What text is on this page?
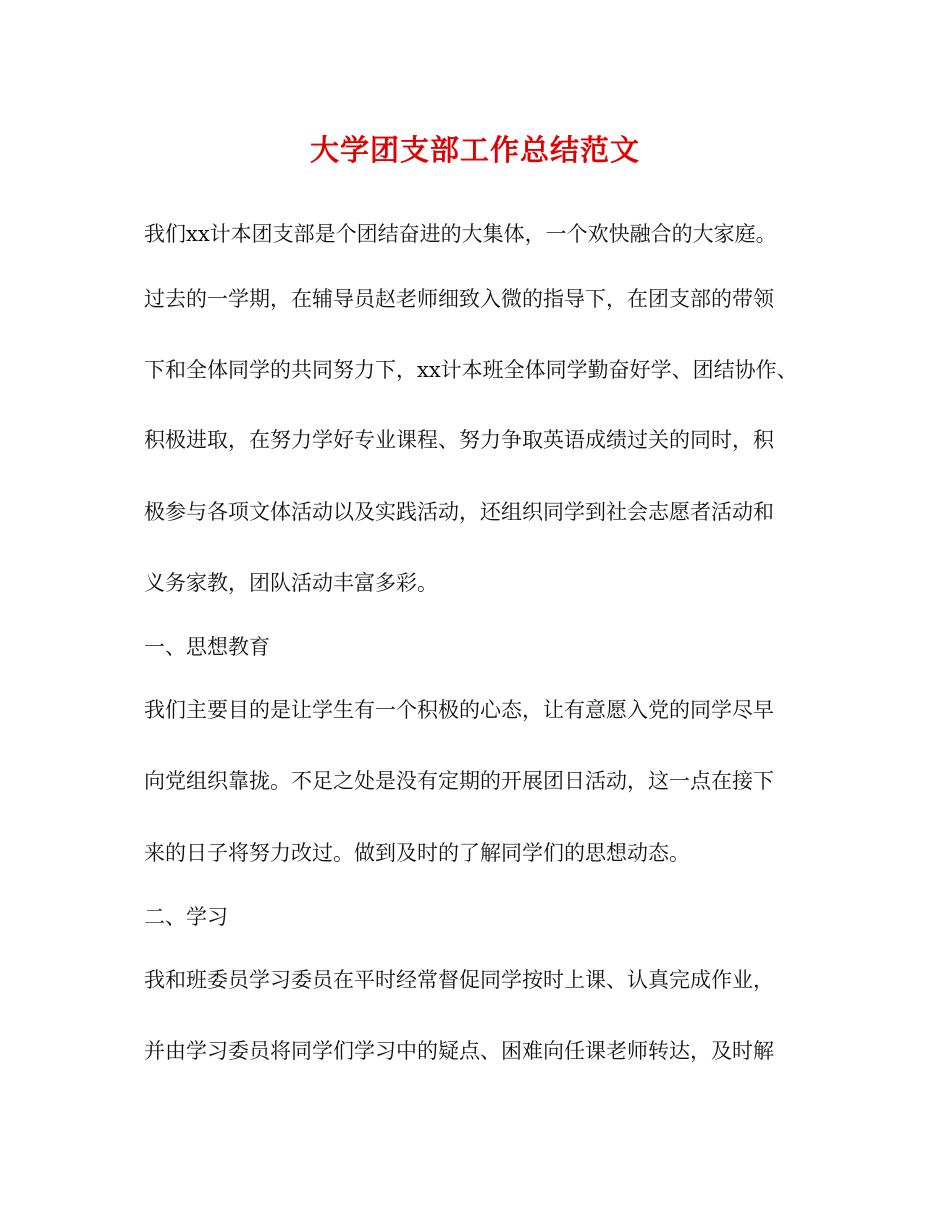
大学团支部工作总结范文
我们xx计本团支部是个团结奋进的大集体，一个欢快融合的大家庭。
过去的一学期，在辅导员赵老师细致入微的指导下，在团支部的带领
下和全体同学的共同努力下，xx计本班全体同学勤奋好学、团结协作、
积极进取，在努力学好专业课程、努力争取英语成绩过关的同时，积
极参与各项文体活动以及实践活动，还组织同学到社会志愿者活动和
义务家教，团队活动丰富多彩。
一、思想教育
我们主要目的是让学生有一个积极的心态，让有意愿入党的同学尽早
向党组织靠拢。不足之处是没有定期的开展团日活动，这一点在接下
来的日子将努力改过。做到及时的了解同学们的思想动态。
二、学习
我和班委员学习委员在平时经常督促同学按时上课、认真完成作业，
并由学习委员将同学们学习中的疑点、困难向任课老师转达，及时解
